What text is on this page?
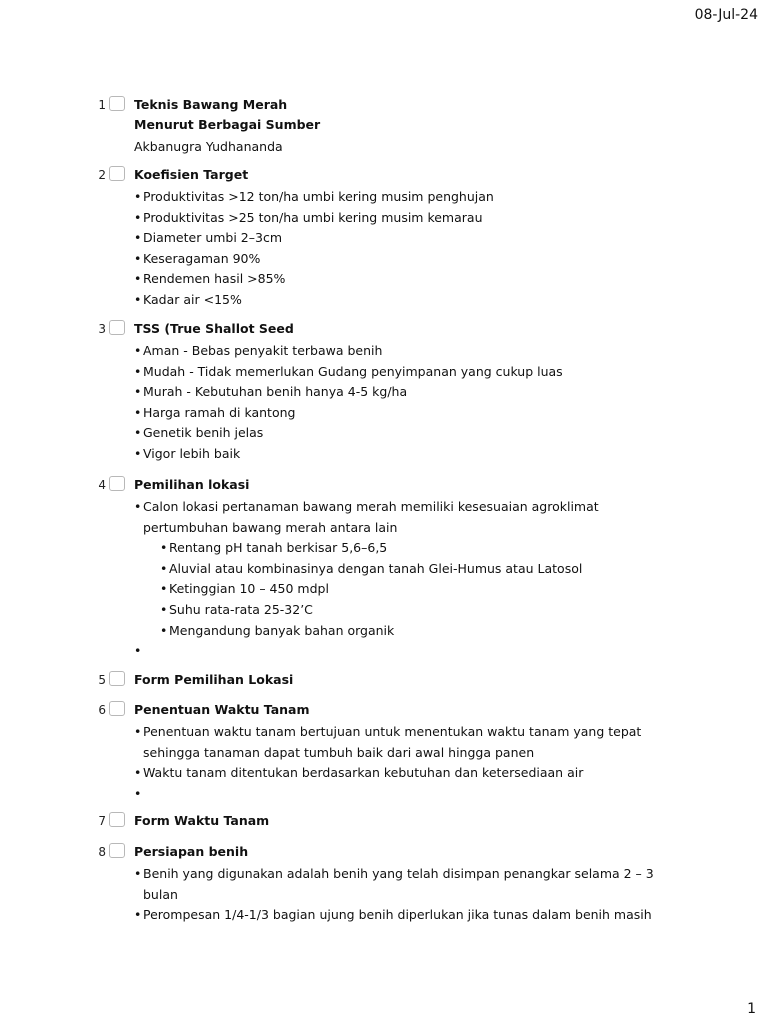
08-Jul-24
1 Teknis Bawang Merah
Menurut Berbagai Sumber
Akbanugra Yudhananda
2 Koefisien Target
• Produktivitas >12 ton/ha umbi kering musim penghujan
• Produktivitas >25 ton/ha umbi kering musim kemarau
• Diameter umbi 2–3cm
• Keseragaman 90%
• Rendemen hasil >85%
• Kadar air <15%
3 TSS (True Shallot Seed
• Aman - Bebas penyakit terbawa benih
• Mudah - Tidak memerlukan Gudang penyimpanan yang cukup luas
• Murah - Kebutuhan benih hanya 4-5 kg/ha
• Harga ramah di kantong
• Genetik benih jelas
• Vigor lebih baik
4 Pemilihan lokasi
• Calon lokasi pertanaman bawang merah memiliki kesesuaian agroklimat pertumbuhan bawang merah antara lain
• Rentang pH tanah berkisar 5,6–6,5
• Aluvial atau kombinasinya dengan tanah Glei-Humus atau Latosol
• Ketinggian 10 – 450 mdpl
• Suhu rata-rata 25-32’C
• Mengandung banyak bahan organik
5 Form Pemilihan Lokasi
6 Penentuan Waktu Tanam
• Penentuan waktu tanam bertujuan untuk menentukan waktu tanam yang tepat sehingga tanaman dapat tumbuh baik dari awal hingga panen
• Waktu tanam ditentukan berdasarkan kebutuhan dan ketersediaan air
7 Form Waktu Tanam
8 Persiapan benih
• Benih yang digunakan adalah benih yang telah disimpan penangkar selama 2 – 3 bulan
• Perompesan 1/4-1/3 bagian ujung benih diperlukan jika tunas dalam benih masih
1
